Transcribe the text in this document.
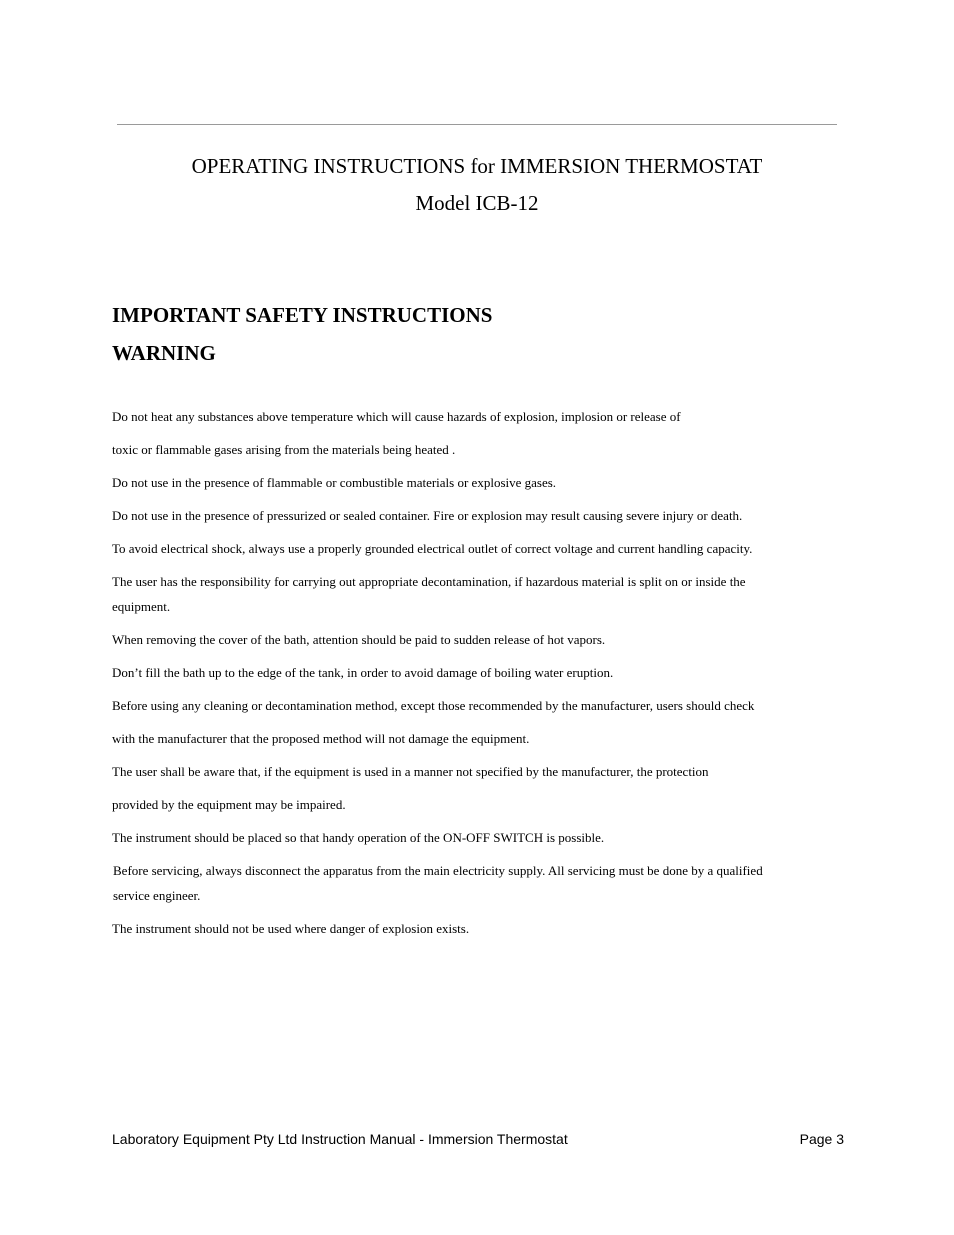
OPERATING INSTRUCTIONS for IMMERSION THERMOSTAT
Model ICB-12
IMPORTANT SAFETY INSTRUCTIONS
WARNING
Do not heat any substances above temperature which will cause hazards of explosion, implosion or release of
toxic or flammable gases arising from the materials being heated .
Do not use in the presence of flammable or combustible materials or explosive gases.
Do not use in the presence of pressurized or sealed container. Fire or explosion may result causing severe injury or death.
To avoid electrical shock, always use a properly grounded electrical outlet of correct voltage and current handling capacity.
The user has the responsibility for carrying out appropriate decontamination, if hazardous material is split on or inside the
equipment.
When removing the cover of the bath, attention should be paid to sudden release of hot vapors.
Don’t fill the bath up to the edge of the tank, in order to avoid damage of boiling water eruption.
Before using any cleaning or decontamination method, except those recommended by the manufacturer, users should check
with the manufacturer that the proposed method will not damage the equipment.
The user shall be aware that, if the equipment is used in a manner not specified by the manufacturer, the protection
provided by the equipment may be impaired.
The instrument should be placed so that handy operation of the ON-OFF SWITCH is possible.
Before servicing, always disconnect the apparatus from the main electricity supply. All servicing must be done by a qualified
service engineer.
The instrument should not be used where danger of explosion exists.
Laboratory Equipment Pty Ltd Instruction Manual - Immersion Thermostat	Page 3
